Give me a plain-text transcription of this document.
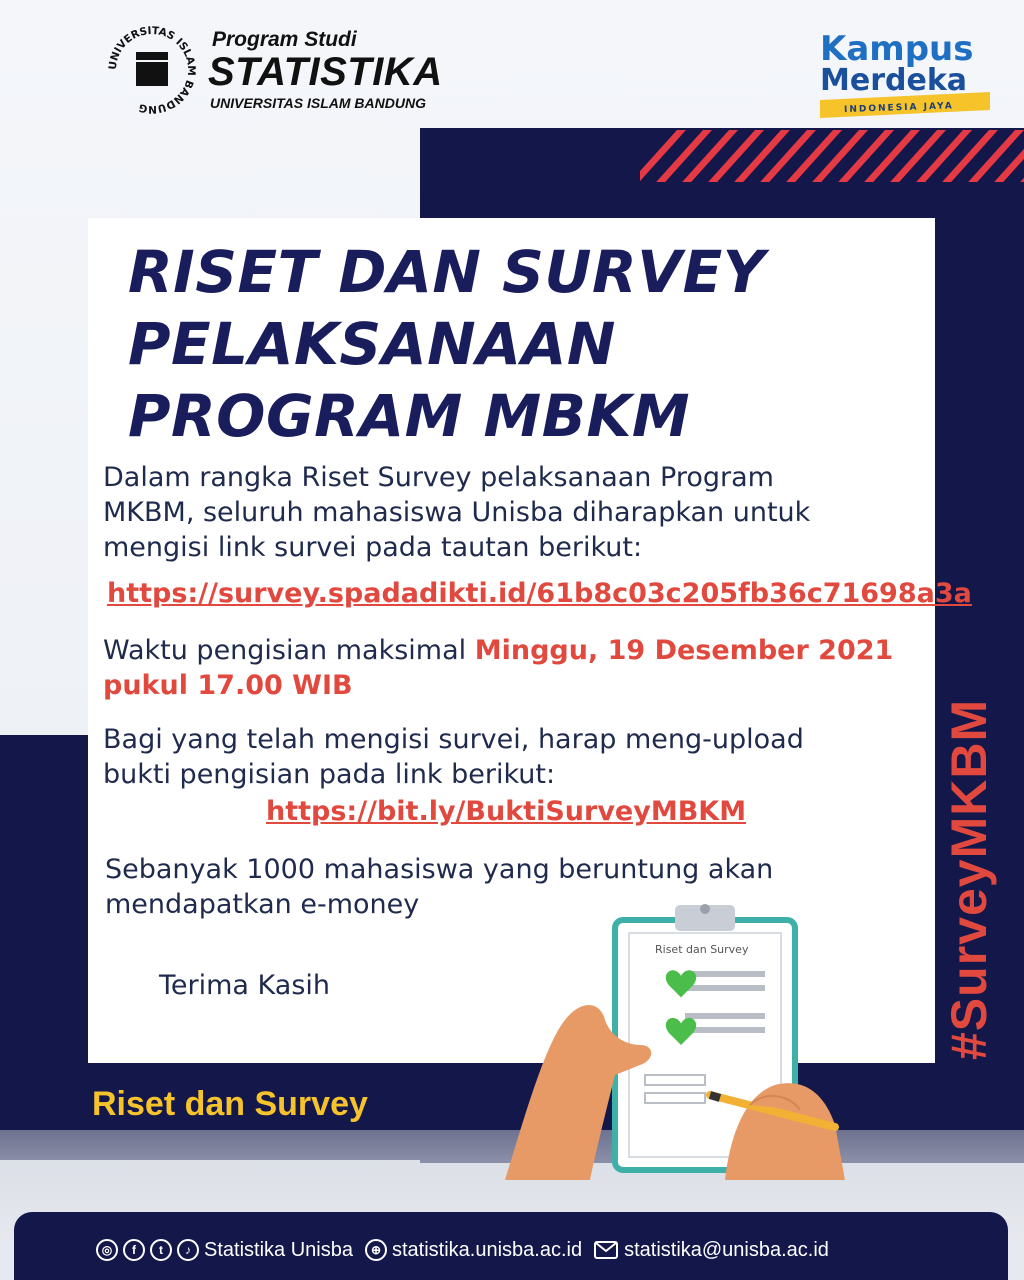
UNIVERSITAS ISLAM BANDUNG
Program Studi
STATISTIKA
UNIVERSITAS ISLAM BANDUNG
Kampus
Merdeka
INDONESIA JAYA
RISET DAN SURVEY
PELAKSANAAN
PROGRAM MBKM
Dalam rangka Riset Survey pelaksanaan Program
MKBM, seluruh mahasiswa Unisba diharapkan untuk
mengisi link survei pada tautan berikut:
https://survey.spadadikti.id/61b8c03c205fb36c71698a3a
Waktu pengisian maksimal Minggu, 19 Desember 2021
pukul 17.00 WIB
Bagi yang telah mengisi survei, harap meng-upload
bukti pengisian pada link berikut:
https://bit.ly/BuktiSurveyMBKM
Sebanyak 1000 mahasiswa yang beruntung akan
mendapatkan e-money
Terima Kasih
Riset dan Survey
Riset dan Survey
#SurveyMKBM
◎	f	t	♪ Statistika Unisba	⊕ statistika.unisba.ac.id statistika@unisba.ac.id
